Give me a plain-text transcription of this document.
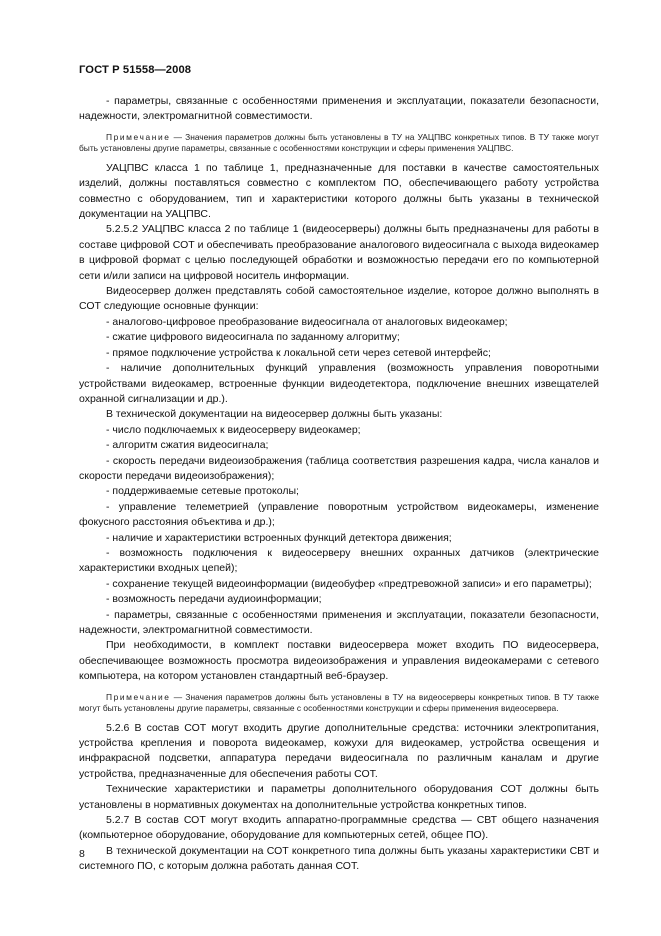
ГОСТ Р 51558—2008

- параметры, связанные с особенностями применения и эксплуатации, показатели безопасности, надежности, электромагнитной совместимости.

Примечание — Значения параметров должны быть установлены в ТУ на УАЦПВС конкретных типов. В ТУ также могут быть установлены другие параметры, связанные с особенностями конструкции и сферы применения УАЦПВС.

УАЦПВС класса 1 по таблице 1, предназначенные для поставки в качестве самостоятельных изделий, должны поставляться совместно с комплектом ПО, обеспечивающего работу устройства совместно с оборудованием, тип и характеристики которого должны быть указаны в технической документации на УАЦПВС.

5.2.5.2 УАЦПВС класса 2 по таблице 1 (видеосерверы) должны быть предназначены для работы в составе цифровой СОТ и обеспечивать преобразование аналогового видеосигнала с выхода видеокамер в цифровой формат с целью последующей обработки и возможностью передачи его по компьютерной сети и/или записи на цифровой носитель информации.

Видеосервер должен представлять собой самостоятельное изделие, которое должно выполнять в СОТ следующие основные функции:

- аналогово-цифровое преобразование видеосигнала от аналоговых видеокамер;

- сжатие цифрового видеосигнала по заданному алгоритму;

- прямое подключение устройства к локальной сети через сетевой интерфейс;

- наличие дополнительных функций управления (возможность управления поворотными устройствами видеокамер, встроенные функции видеодетектора, подключение внешних извещателей охранной сигнализации и др.).

В технической документации на видеосервер должны быть указаны:

- число подключаемых к видеосерверу видеокамер;

- алгоритм сжатия видеосигнала;

- скорость передачи видеоизображения (таблица соответствия разрешения кадра, числа каналов и скорости передачи видеоизображения);

- поддерживаемые сетевые протоколы;

- управление телеметрией (управление поворотным устройством видеокамеры, изменение фокусного расстояния объектива и др.);

- наличие и характеристики встроенных функций детектора движения;

- возможность подключения к видеосерверу внешних охранных датчиков (электрические характеристики входных цепей);

- сохранение текущей видеоинформации (видеобуфер «предтревожной записи» и его параметры);

- возможность передачи аудиоинформации;

- параметры, связанные с особенностями применения и эксплуатации, показатели безопасности, надежности, электромагнитной совместимости.

При необходимости, в комплект поставки видеосервера может входить ПО видеосервера, обеспечивающее возможность просмотра видеоизображения и управления видеокамерами с сетевого компьютера, на котором установлен стандартный веб-браузер.

Примечание — Значения параметров должны быть установлены в ТУ на видеосерверы конкретных типов. В ТУ также могут быть установлены другие параметры, связанные с особенностями конструкции и сферы применения видеосервера.

5.2.6 В состав СОТ могут входить другие дополнительные средства: источники электропитания, устройства крепления и поворота видеокамер, кожухи для видеокамер, устройства освещения и инфракрасной подсветки, аппаратура передачи видеосигнала по различным каналам и другие устройства, предназначенные для обеспечения работы СОТ.

Технические характеристики и параметры дополнительного оборудования СОТ должны быть установлены в нормативных документах на дополнительные устройства конкретных типов.

5.2.7 В состав СОТ могут входить аппаратно-программные средства — СВТ общего назначения (компьютерное оборудование, оборудование для компьютерных сетей, общее ПО).

В технической документации на СОТ конкретного типа должны быть указаны характеристики СВТ и системного ПО, с которым должна работать данная СОТ.

8
